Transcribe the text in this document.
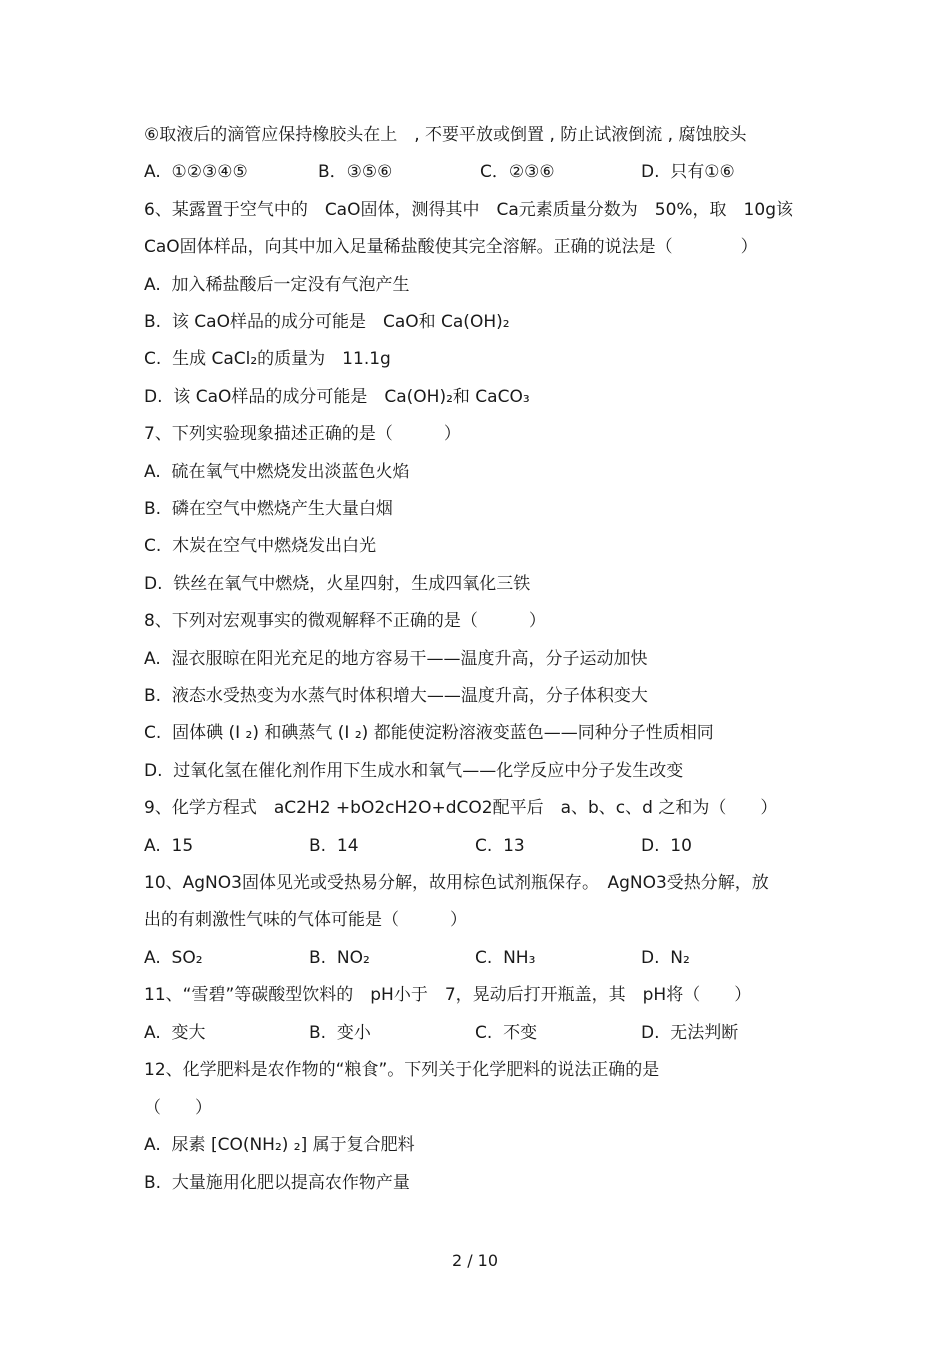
⑥取液后的滴管应保持橡胶头在上　, 不要平放或倒置 , 防止试液倒流 , 腐蚀胶头

A.  ①②③④⑤

	B．③⑤⑥

	C．②③⑥

	D.  只有①⑥

6、某露置于空气中的　CaO固体，测得其中　Ca元素质量分数为　50%，取　10g该
CaO固体样品，向其中加入足量稀盐酸使其完全溶解。正确的说法是（　　　　）
A.  加入稀盐酸后一定没有气泡产生
B.  该 CaO样品的成分可能是　CaO和 Ca(OH)₂
C.  生成 CaCl₂的质量为　11.1g
D.  该 CaO样品的成分可能是　Ca(OH)₂和 CaCO₃
7、下列实验现象描述正确的是（　　　）
A.  硫在氧气中燃烧发出淡蓝色火焰
B.  磷在空气中燃烧产生大量白烟
C.  木炭在空气中燃烧发出白光
D.  铁丝在氧气中燃烧，火星四射，生成四氧化三铁
8、下列对宏观事实的微观解释不正确的是（　　　）
A.  湿衣服晾在阳光充足的地方容易干——温度升高，分子运动加快
B.  液态水受热变为水蒸气时体积增大——温度升高，分子体积变大
C.  固体碘 (I ₂) 和碘蒸气 (I ₂) 都能使淀粉溶液变蓝色——同种分子性质相同
D.  过氧化氢在催化剂作用下生成水和氧气——化学反应中分子发生改变
9、化学方程式　aC2H2 +bO2cH2O+dCO2配平后　a、b、c、d 之和为（　　）

A.  15

	B.  14

	C.  13

	D.  10

10、AgNO3固体见光或受热易分解，故用棕色试剂瓶保存。　AgNO3受热分解，放
出的有刺激性气味的气体可能是（　　　）

A.  SO₂

	B.  NO₂

	C.  NH₃

	D.  N₂

11、“雪碧”等碳酸型饮料的　pH小于　7，晃动后打开瓶盖，其　pH将（　　）

A.  变大

	B.  变小

	C.  不变

	D.  无法判断

12、化学肥料是农作物的“粮食”。下列关于化学肥料的说法正确的是
（　　）
A.  尿素 [CO(NH₂) ₂] 属于复合肥料
B.  大量施用化肥以提高农作物产量
2 / 10
